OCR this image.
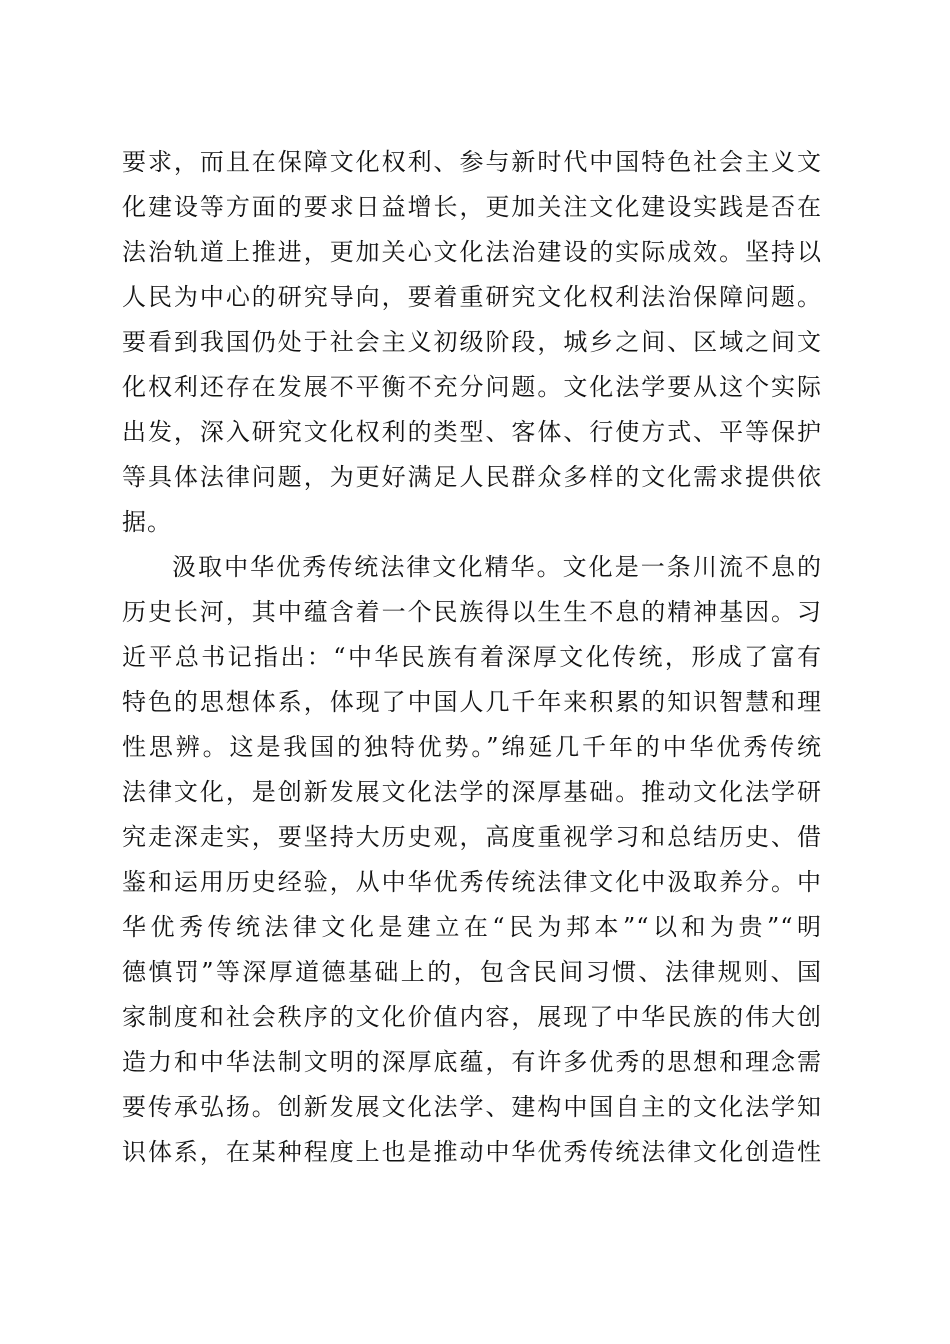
要求，而且在保障文化权利、参与新时代中国特色社会主义文
化建设等方面的要求日益增长，更加关注文化建设实践是否在
法治轨道上推进，更加关心文化法治建设的实际成效。坚持以
人民为中心的研究导向，要着重研究文化权利法治保障问题。
要看到我国仍处于社会主义初级阶段，城乡之间、区域之间文
化权利还存在发展不平衡不充分问题。文化法学要从这个实际
出发，深入研究文化权利的类型、客体、行使方式、平等保护
等具体法律问题，为更好满足人民群众多样的文化需求提供依
据。
汲取中华优秀传统法律文化精华。文化是一条川流不息的
历史长河，其中蕴含着一个民族得以生生不息的精神基因。习
近平总书记指出：“中华民族有着深厚文化传统，形成了富有
特色的思想体系，体现了中国人几千年来积累的知识智慧和理
性思辨。这是我国的独特优势。”绵延几千年的中华优秀传统
法律文化，是创新发展文化法学的深厚基础。推动文化法学研
究走深走实，要坚持大历史观，高度重视学习和总结历史、借
鉴和运用历史经验，从中华优秀传统法律文化中汲取养分。中
华优秀传统法律文化是建立在“民为邦本”“以和为贵”“明
德慎罚”等深厚道德基础上的，包含民间习惯、法律规则、国
家制度和社会秩序的文化价值内容，展现了中华民族的伟大创
造力和中华法制文明的深厚底蕴，有许多优秀的思想和理念需
要传承弘扬。创新发展文化法学、建构中国自主的文化法学知
识体系，在某种程度上也是推动中华优秀传统法律文化创造性
